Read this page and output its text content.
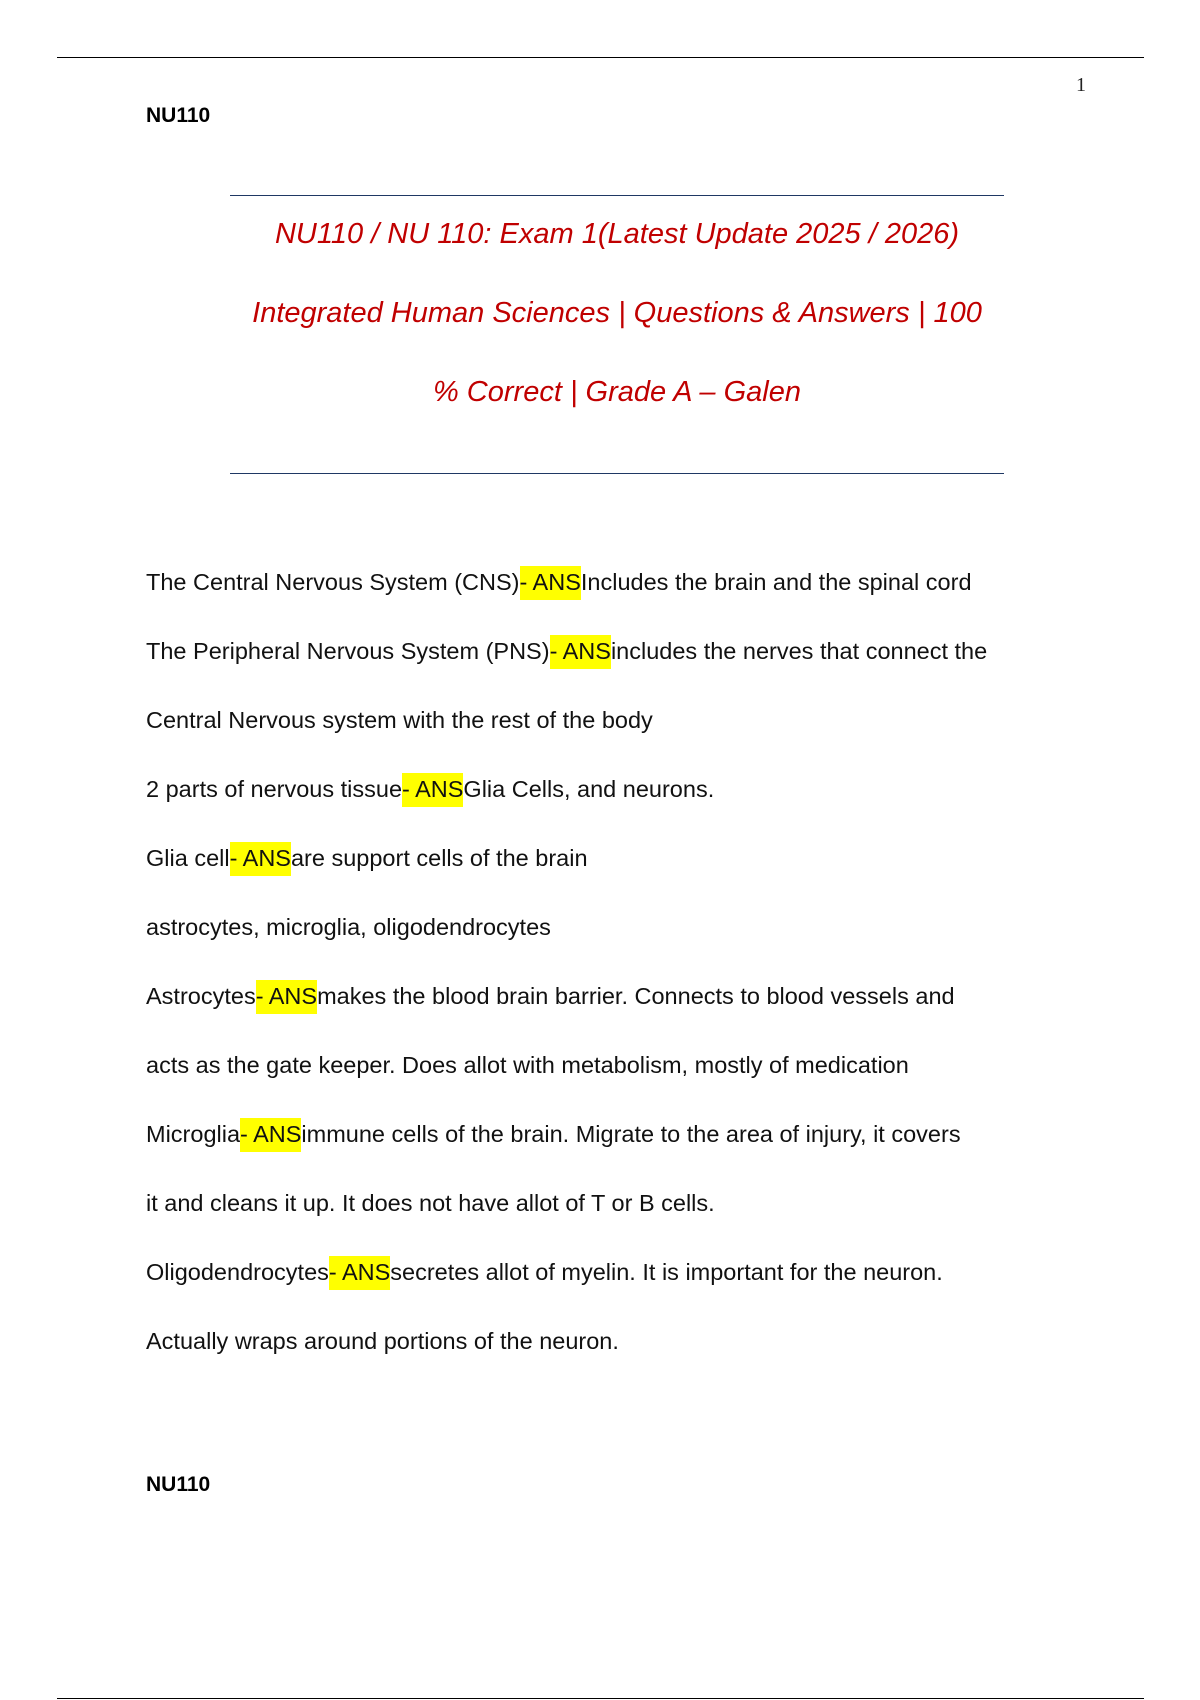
1
NU110
NU110 / NU 110: Exam 1(Latest Update 2025 / 2026)
Integrated Human Sciences | Questions & Answers | 100
% Correct | Grade A – Galen
The Central Nervous System (CNS)- ANSIncludes the brain and the spinal cord
The Peripheral Nervous System (PNS)- ANSincludes the nerves that connect the
Central Nervous system with the rest of the body
2 parts of nervous tissue- ANSGlia Cells, and neurons.
Glia cell- ANSare support cells of the brain
astrocytes, microglia, oligodendrocytes
Astrocytes- ANSmakes the blood brain barrier. Connects to blood vessels and
acts as the gate keeper. Does allot with metabolism, mostly of medication
Microglia- ANSimmune cells of the brain. Migrate to the area of injury, it covers
it and cleans it up. It does not have allot of T or B cells.
Oligodendrocytes- ANSsecretes allot of myelin. It is important for the neuron.
Actually wraps around portions of the neuron.
NU110
